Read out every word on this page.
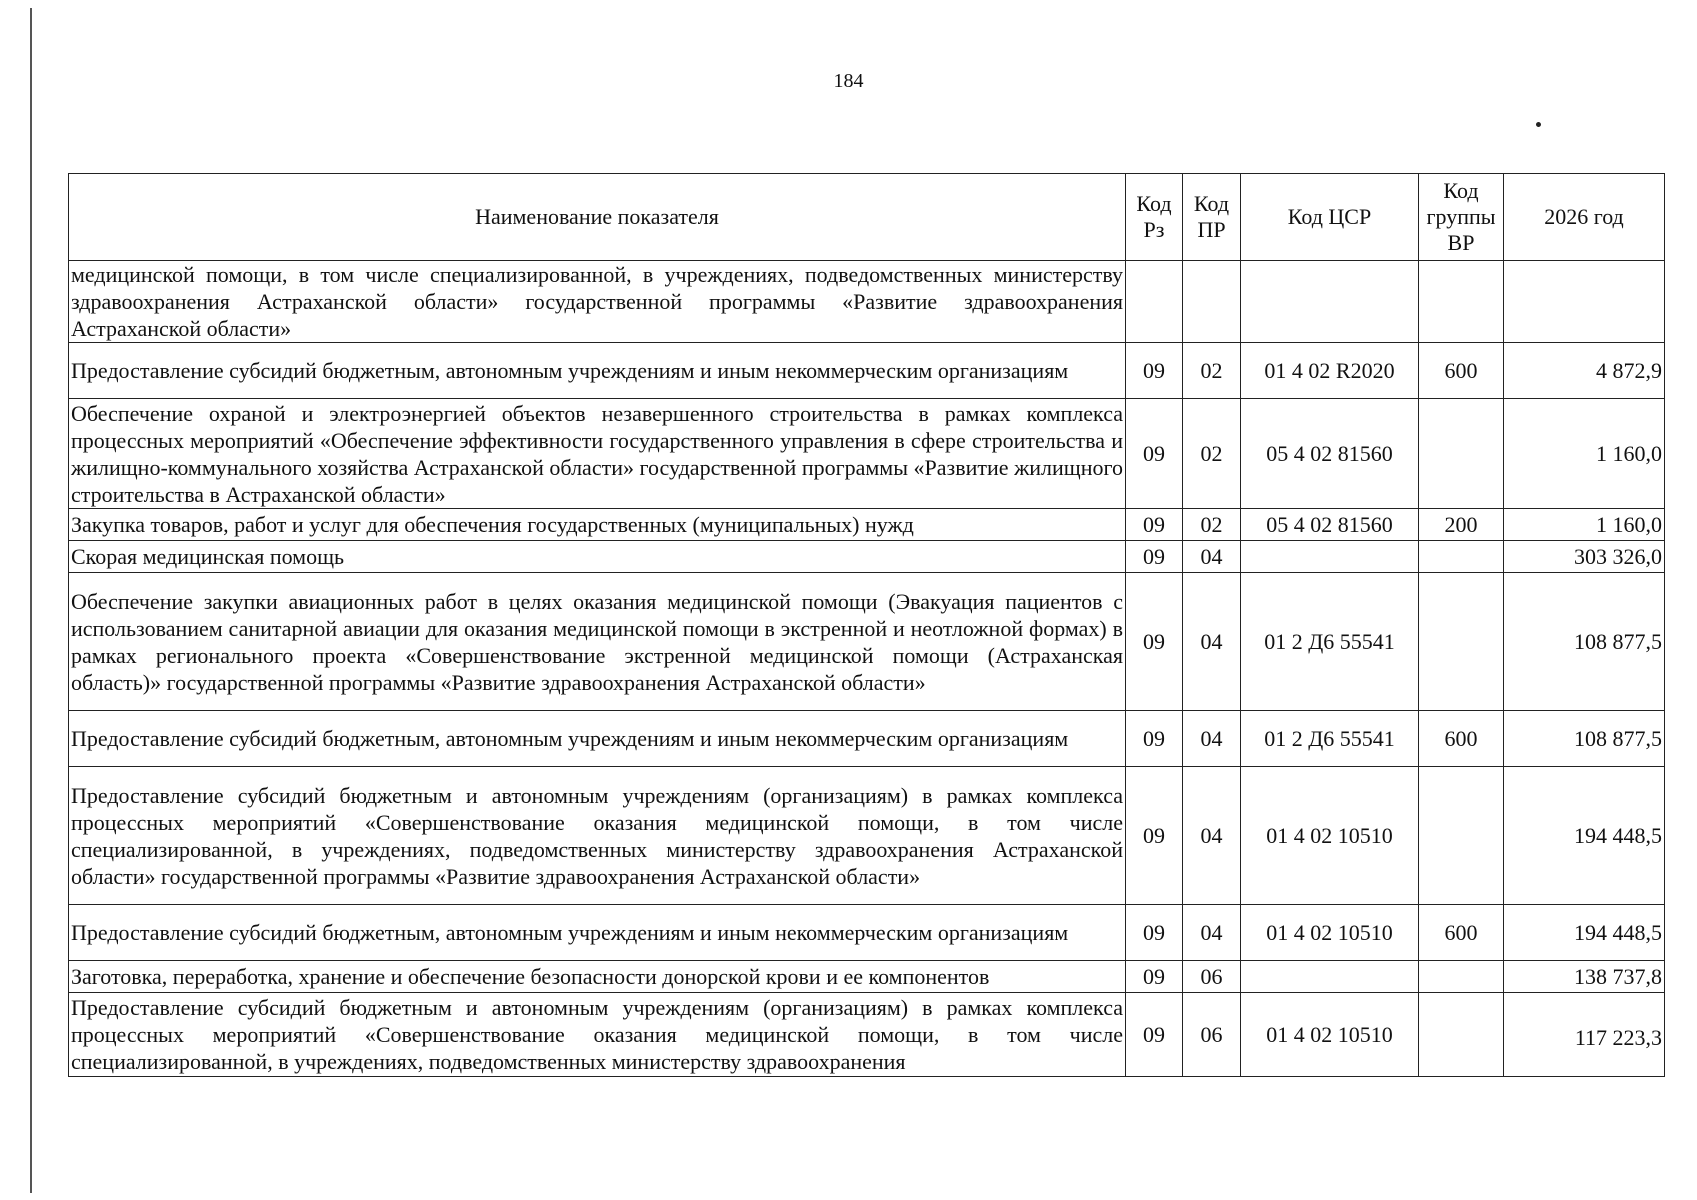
184
Наименование показателя	Код Рз	Код ПР	Код ЦСР	Код группы ВР	2026 год
медицинской помощи, в том числе специализированной, в учреждениях, подведомственных министерству здравоохранения Астраханской области» государственной программы «Развитие здравоохранения Астраханской области»					
Предоставление субсидий бюджетным, автономным учреждениям и иным некоммерческим организациям	09	02	01 4 02 R2020	600	4 872,9
Обеспечение охраной и электроэнергией объектов незавершенного строительства в рамках комплекса процессных мероприятий «Обеспечение эффективности государственного управления в сфере строительства и жилищно-коммунального хозяйства Астраханской области» государственной программы «Развитие жилищного строительства в Астраханской области»	09	02	05 4 02 81560		1 160,0
Закупка товаров, работ и услуг для обеспечения государственных (муниципальных) нужд	09	02	05 4 02 81560	200	1 160,0
Скорая медицинская помощь	09	04			303 326,0
Обеспечение закупки авиационных работ в целях оказания медицинской помощи (Эвакуация пациентов с использованием санитарной авиации для оказания медицинской помощи в экстренной и неотложной формах) в рамках регионального проекта «Совершенствование экстренной медицинской помощи (Астраханская область)» государственной программы «Развитие здравоохранения Астраханской области»	09	04	01 2 Д6 55541		108 877,5
Предоставление субсидий бюджетным, автономным учреждениям и иным некоммерческим организациям	09	04	01 2 Д6 55541	600	108 877,5
Предоставление субсидий бюджетным и автономным учреждениям (организациям) в рамках комплекса процессных мероприятий «Совершенствование оказания медицинской помощи, в том числе специализированной, в учреждениях, подведомственных министерству здравоохранения Астраханской области» государственной программы «Развитие здравоохранения Астраханской области»	09	04	01 4 02 10510		194 448,5
Предоставление субсидий бюджетным, автономным учреждениям и иным некоммерческим организациям	09	04	01 4 02 10510	600	194 448,5
Заготовка, переработка, хранение и обеспечение безопасности донорской крови и ее компонентов	09	06			138 737,8
Предоставление субсидий бюджетным и автономным учреждениям (организациям) в рамках комплекса процессных мероприятий «Совершенствование оказания медицинской помощи, в том числе специализированной, в учреждениях, подведомственных министерству здравоохранения	09	06	01 4 02 10510		117 223,3
